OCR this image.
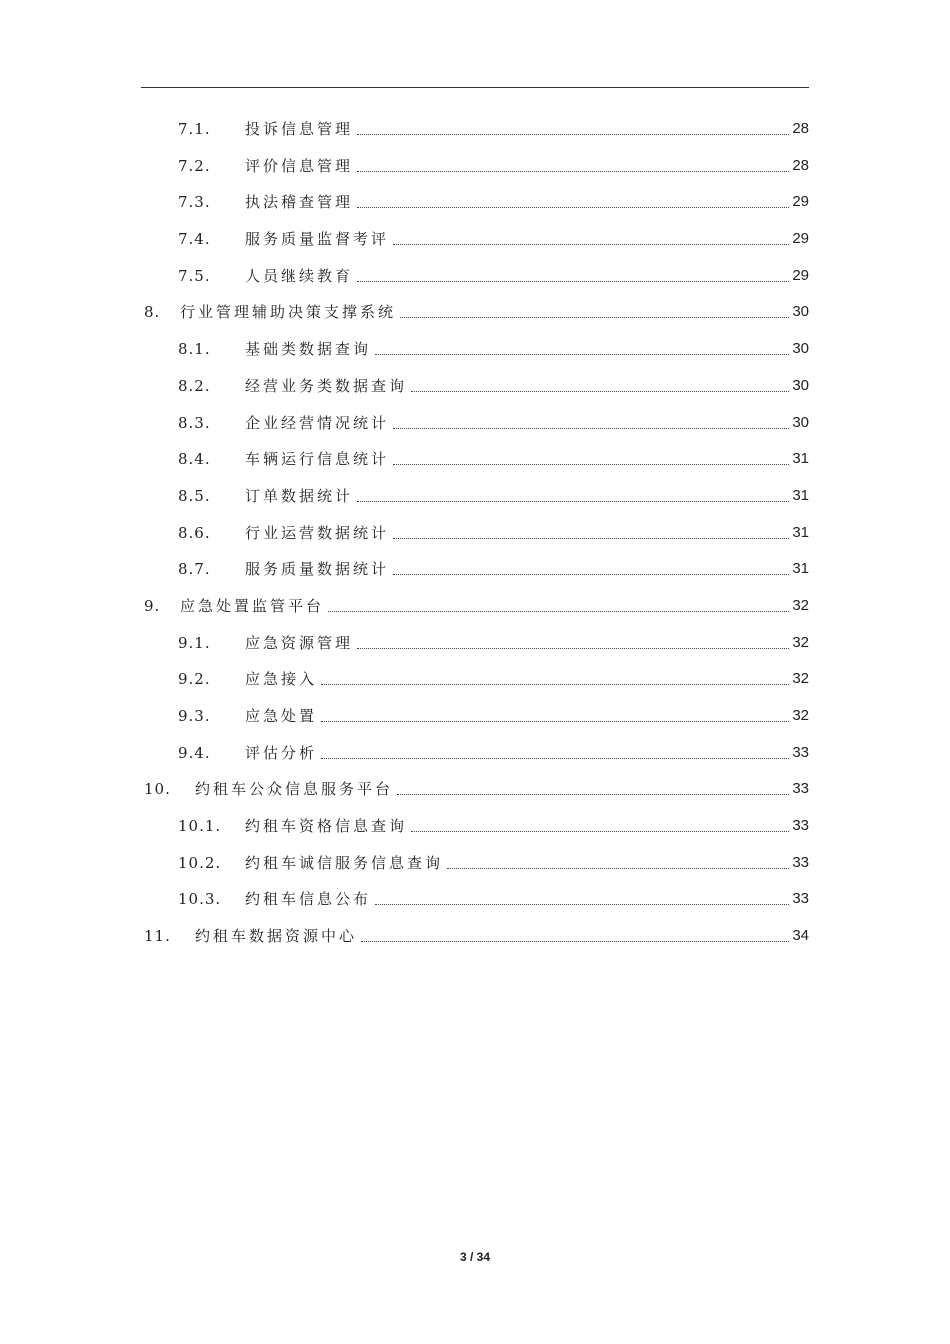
7.1.	投诉信息管理	28
7.2.	评价信息管理	28
7.3.	执法稽查管理	29
7.4.	服务质量监督考评	29
7.5.	人员继续教育	29
8.	行业管理辅助决策支撑系统	30
8.1.	基础类数据查询	30
8.2.	经营业务类数据查询	30
8.3.	企业经营情况统计	30
8.4.	车辆运行信息统计	31
8.5.	订单数据统计	31
8.6.	行业运营数据统计	31
8.7.	服务质量数据统计	31
9.	应急处置监管平台	32
9.1.	应急资源管理	32
9.2.	应急接入	32
9.3.	应急处置	32
9.4.	评估分析	33
10.	约租车公众信息服务平台	33
10.1.	约租车资格信息查询	33
10.2.	约租车诚信服务信息查询	33
10.3.	约租车信息公布	33
11.	约租车数据资源中心	34
3 / 34
